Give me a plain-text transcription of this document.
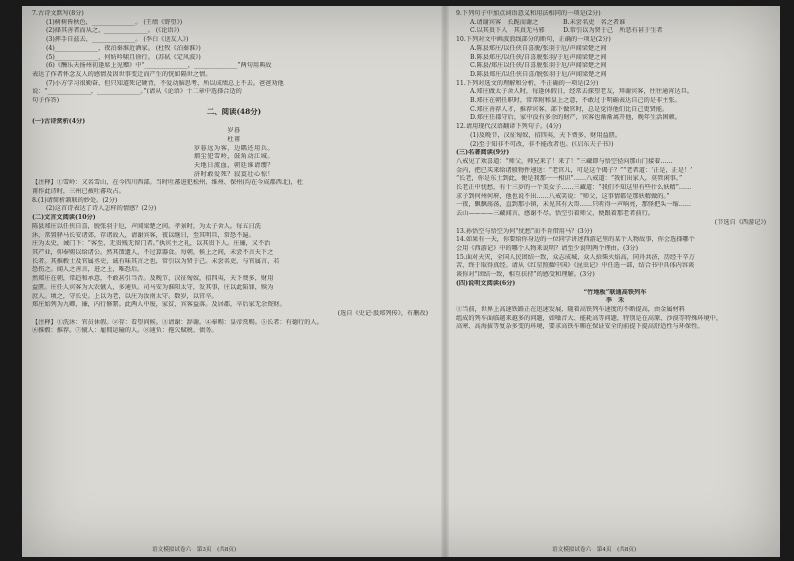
7.古诗文默写(8分)
(1)树树皆秋色，______________。 (王绩《野望》)
(2)择其善者而从之，______________。 (《论语》)
(3)挥手自兹去，______________。 (李白《送友人》)
(4)______________，夜泊秦淮近酒家。 (杜牧《泊秦淮》)
(5)______________，何妨吟啸且徐行。 (苏轼《定风波》)
(6)《酬乐天扬州初逢席上见赠》中“______________，______________”两句用典故
表达了作者怀念友人的感情及因世事变迁而产生的恍如隔世之情。
(7)小方学习很勤奋，但只知道死记硬背，不爱动脑思考，所以成绩总上不去。爸爸劝他
说：“______________，______________。”(请从《论语》十二章中选择合适的
句子作答)
二、阅读(48分)
(一)古诗赏析(4分)
岁暮
杜甫
岁暮远为客，边隅还用兵。
烟尘犯雪岭，鼓角动江城。
天地日流血，朝廷谁请缨？
济时敢爱死？寂寞壮心惊！
【注释】①雪岭：又名雪山，在今四川西部。当时吐蕃进犯松州、维州、保州(均在今成都西北)，杜
甫作此诗时，三州已被吐蕃攻占。
8.(1)请简析颔联的妙处。(2分)
(2)这首诗表达了诗人怎样的情感？(2分)
(二)文言文阅读(10分)
陈县郑庄以任侠自喜，脱张羽于厄，声闻梁楚之间。孝景时，为太子舍人。每五日洗
沐，常置驿马长安诸郊，存诸故人，请谢宾客，夜以继日，至其明旦，常恐不遍。
庄为太史，诫门下：“客至，无贵贱无留门者。”执宾主之礼，以其贵下人。庄廉，又不治
其产业，仰奉赐以给诸公。然其馈遗人，不过算器食。每朝，候上之间，未尝不言天下之
长者。其推毂士及官属丞史，诚有味其言之也，常引以为贤于己。未尝名吏，与官属言，若
恐伤之。闻人之善言，进之上，唯恐后。
然郑庄在朝，常趋和承意，不敢甚引当否。及晚节，汉征匈奴，招四夷，天下费多，财用
益匮。庄任人宾客为大农僦人，多逋负。司马安为淮阳太守，发其事，庄以此陷罪，赎为
庶人。顷之，守长史。上以为老，以庄为汝南太守。数岁，以官卒。
郑庄始列为九卿，廉，内行修絜。此两人中废，家贫，宾客益落。及居郡，卒后家无余资财。
(选自《史记·汲郑列传》，有删改)
【注释】①洗沐：官员休假。②存：看望问候。③请谢：辞谢。④奉赐：皇帝赏赐。⑤长者：有德行的人。
⑥推毂：推荐。⑦僦人：雇佣运输的人。⑧逋负：拖欠赋税、债务。
9.下列句子中加点词语意义和用法相同的一项是(2分)
A.请谢宾客　长跪而谢之　　　　B.未尝名吏　名之者谁
C.以其贵下人　其真无马邪　　　D.常引以为贤于己　所恶有甚于生者
10.下列对文中画波浪线部分的断句，正确的一项是(2分)
A.陈县郑庄/以任侠自喜脱/张羽于厄/声闻梁楚之间
B.陈县郑庄/以任侠/自喜脱张羽/于厄声闻梁楚之间
C.陈县/郑庄以任侠/自喜脱张羽于厄/声闻梁楚之间
D.陈县郑庄/以任侠自喜/脱张羽于厄/声闻梁楚之间
11.下列对选文的理解和分析，不正确的一项是(2分)
A.郑庄做太子舍人时，每逢休假日，经常去探望老友，拜谢宾客，往往通宵达旦。
B.郑庄在朝任职时，常常附和皇上之意，不敢过于明确表达自己的是非主张。
C.郑庄善荐人才，推荐宾客、部下做官时，总是觉得他们比自己更贤能。
D.郑庄任郡守后，家中没有多余的财产，宾客也渐渐离开他，晚年生活困顿。
12.请用现代汉语翻译下列句子。(4分)
(1)及晚节，汉征匈奴，招四夷，天下费多，财用益匮。
(2)至于知非不可改，非不能改者也。(《启东夫子书》)
(三)名著阅读(9分)
八戒见了欢喜道：“师父，师兄来了！来了！”三藏即与悟空径向那山门接着……
金内，把已买来给诸般物件递送：“老官儿，可是这个偈子？”“老者道：‘正是，正是！’
“长老，你是东土到此，便是我那一一相识”……八戒道：“我们出家人，莫管闲事。”
长老正中忧愁，有十三岁的一个美女子……三藏道：“我们不知这里有些什么妖精”……
求子到何州何府，他也说不出……八戒笑说：“师父，这事情都是那妖精做的。”
一夜，飘飘荡荡，直到那小镇，未见其有大哥……只听得一声响亮，那怪把头一缩……
去山————三藏闻言，感谢不尽。悟空引着师父，便跟着那老者前行。
(节选自《西游记》)
13.孙悟空与悟空为何“忧愁”而不肯借用马？(3分)
14.如果有一天，你要给你身边的一位同学讲述西游记里的某个人物故事，你会选择哪个
会用《西游记》中的哪个人物来说明？请至少说明两个理由。(3分)
15.面对天灾，全国人民团结一致，众志成城，众人拾柴火焰高，同舟共济，历经千辛万
苦，终于取得真经。请从《红星照耀中国》《昆虫记》中任选一部，结合书中具体内容谈
谈你对“团结一致，相互扶持”的感受和理解。(3分)
(四)说明文阅读(6分)
“竹地板”联通高铁列车
李　禾
①当前，世界上高速铁路正在迅速发展，随着高铁列车速度的不断提高，由金属材料
组成的列车面临越来越多的问题，如噪音大、能耗高等问题，特别是在高原、沙漠等特殊环境中，
高寒、高海拔等复杂多变的环境，要求高铁车厢在保证安全的前提下提高舒适性与环保性。
语文模拟试卷六　第3页　(共8页)	语文模拟试卷六　第4页　(共8页)
